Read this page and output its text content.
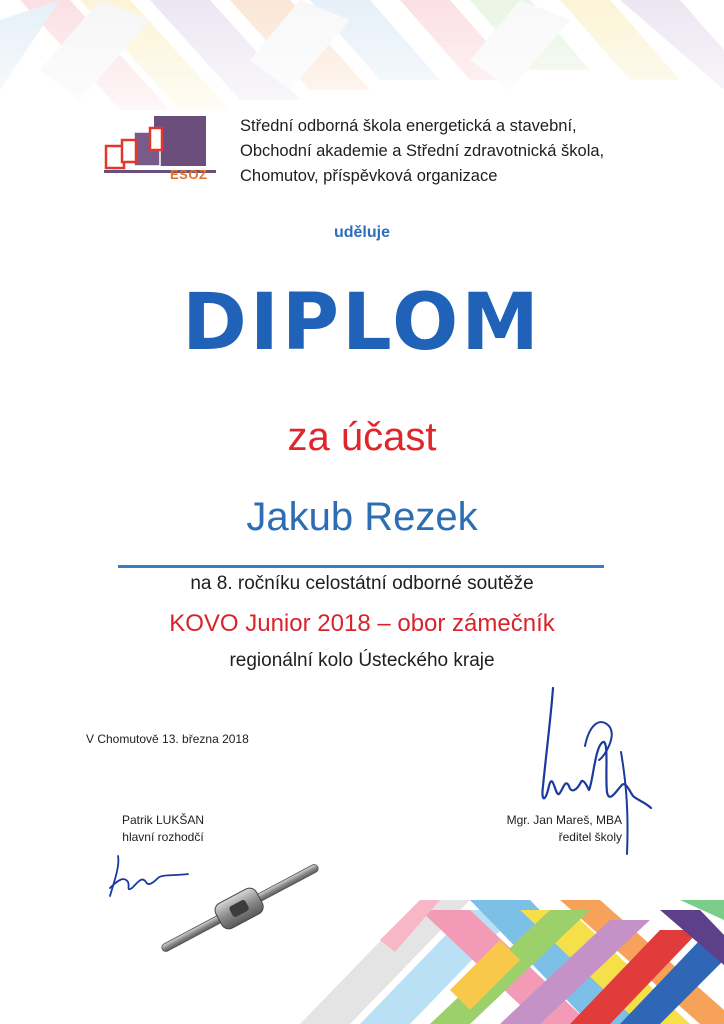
ESOZ
Střední odborná škola energetická a stavební,
Obchodní akademie a Střední zdravotnická škola,
Chomutov, příspěvková organizace
uděluje
DIPLOM
za účast
Jakub Rezek
na 8. ročníku celostátní odborné soutěže
KOVO Junior 2018 – obor zámečník
regionální kolo Ústeckého kraje
V Chomutově 13. března 2018
Patrik LUKŠAN
hlavní rozhodčí
Mgr. Jan Mareš, MBA
ředitel školy
